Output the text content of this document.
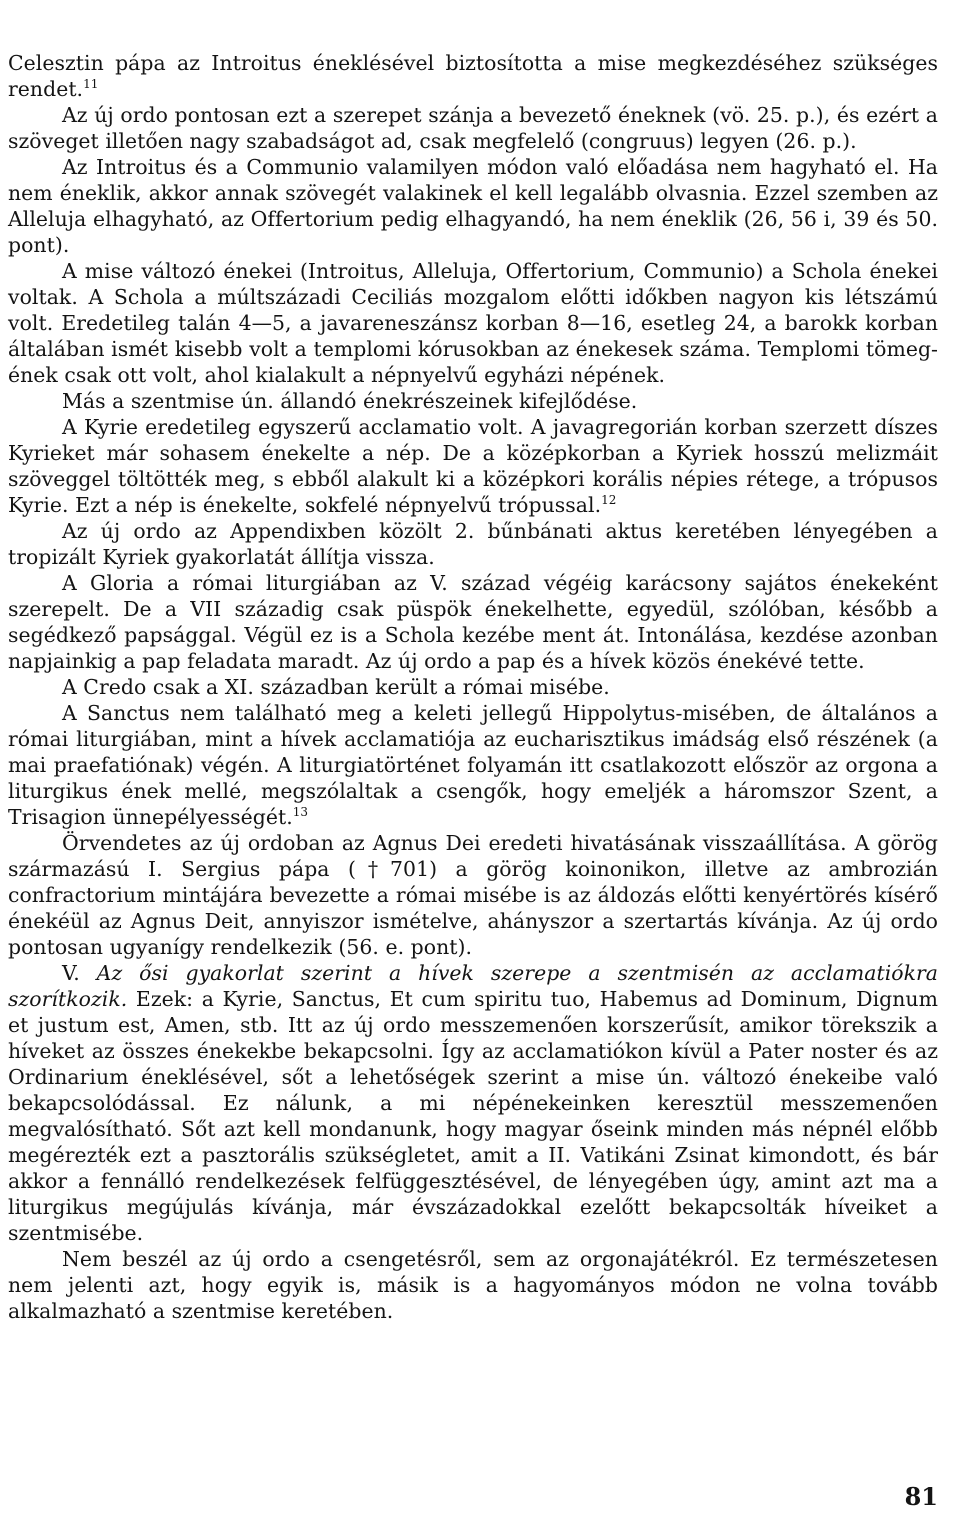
Celesztin pápa az Introitus éneklésével biztosította a mise megkezdéséhez szükséges rendet.$^{11}$

Az új ordo pontosan ezt a szerepet szánja a bevezető éneknek (vö. 25. p.), és ezért a szöveget illetően nagy szabadságot ad, csak megfelelő (congruus) legyen (26. p.).

Az Introitus és a Communio valamilyen módon való előadása nem hagyható el. Ha nem éneklik, akkor annak szövegét valakinek el kell legalább olvasnia. Ezzel szemben az Alleluja elhagyható, az Offertorium pedig elhagyandó, ha nem éneklik (26, 56 i, 39 és 50. pont).

A mise változó énekei (Introitus, Alleluja, Offertorium, Communio) a Schola énekei voltak. A Schola a múltszázadi Ceciliás mozgalom előtti időkben nagyon kis létszámú volt. Eredetileg talán 4—5, a javareneszánsz korban 8—16, esetleg 24, a barokk korban általában ismét kisebb volt a templomi kórusokban az énekesek száma. Templomi tömeg-ének csak ott volt, ahol kialakult a népnyelvű egyházi népének.

Más a szentmise ún. állandó énekrészeinek kifejlődése.

A Kyrie eredetileg egyszerű acclamatio volt. A javagregorián korban szerzett díszes Kyrieket már sohasem énekelte a nép. De a középkorban a Kyriek hosszú melizmáit szöveggel töltötték meg, s ebből alakult ki a középkori korális népies rétege, a trópusos Kyrie. Ezt a nép is énekelte, sokfelé népnyelvű trópussal.$^{12}$

Az új ordo az Appendixben közölt 2. bűnbánati aktus keretében lényegében a tropizált Kyriek gyakorlatát állítja vissza.

A Gloria a római liturgiában az V. század végéig karácsony sajátos énekeként szerepelt. De a VII századig csak püspök énekelhette, egyedül, szólóban, később a segédkező papsággal. Végül ez is a Schola kezébe ment át. Intonálása, kezdése azonban napjainkig a pap feladata maradt. Az új ordo a pap és a hívek közös énekévé tette.

A Credo csak a XI. században került a római misébe.

A Sanctus nem található meg a keleti jellegű Hippolytus-misében, de általános a római liturgiában, mint a hívek acclamatiója az eucharisztikus imádság első részének (a mai praefatiónak) végén. A liturgiatörténet folyamán itt csatlakozott először az orgona a liturgikus ének mellé, megszólaltak a csengők, hogy emeljék a háromszor Szent, a Trisagion ünnepélyességét.$^{13}$

Örvendetes az új ordoban az Agnus Dei eredeti hivatásának visszaállítása. A görög származású I. Sergius pápa (†701) a görög koinonikon, illetve az ambrozián confractorium mintájára bevezette a római misébe is az áldozás előtti kenyértörés kísérő énekéül az Agnus Deit, annyiszor ismételve, ahányszor a szertartás kívánja. Az új ordo pontosan ugyanígy rendelkezik (56. e. pont).

V. Az ősi gyakorlat szerint a hívek szerepe a szentmisén az acclamatiókra szorítkozik. Ezek: a Kyrie, Sanctus, Et cum spiritu tuo, Habemus ad Dominum, Dignum et justum est, Amen, stb. Itt az új ordo messzemenően korszerűsít, amikor törekszik a híveket az összes énekekbe bekapcsolni. Így az acclamatiókon kívül a Pater noster és az Ordinarium éneklésével, sőt a lehetőségek szerint a mise ún. változó énekeibe való bekapcsolódással. Ez nálunk, a mi népénekeinken keresztül messzemenően megvalósítható. Sőt azt kell mondanunk, hogy magyar őseink minden más népnél előbb megérezték ezt a pasztorális szükségletet, amit a II. Vatikáni Zsinat kimondott, és bár akkor a fennálló rendelkezések felfüggesztésével, de lényegében úgy, amint azt ma a liturgikus megújulás kívánja, már évszázadokkal ezelőtt bekapcsolták híveiket a szentmisébe.

Nem beszél az új ordo a csengetésről, sem az orgonajátékról. Ez természetesen nem jelenti azt, hogy egyik is, másik is a hagyományos módon ne volna tovább alkalmazható a szentmise keretében.

81
